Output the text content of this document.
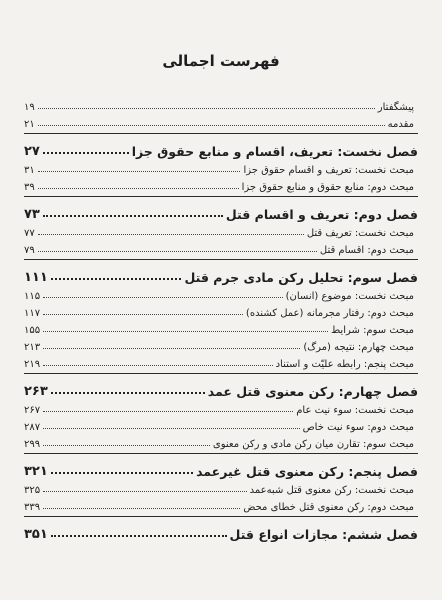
فهرست اجمالی
پیشگفتار
۱۹
مقدمه
۲۱
فصل نخست: تعریف، اقسام و منابع حقوق جزا
۲۷
مبحث نخست: تعریف و اقسام حقوق جزا
۳۱
مبحث دوم: منابع حقوق و منابع حقوق جزا
۳۹
فصل دوم: تعریف و اقسام قتل
۷۳
مبحث نخست: تعریف قتل
۷۷
مبحث دوم: اقسام قتل
۷۹
فصل سوم: تحلیل رکن مادی جرم قتل
۱۱۱
مبحث نخست: موضوع (انسان)
۱۱۵
مبحث دوم: رفتار مجرمانه (عمل کشنده)
۱۱۷
مبحث سوم: شرایط
۱۵۵
مبحث چهارم: نتیجه (مرگ)
۲۱۳
مبحث پنجم: رابطه علیّت و استناد
۲۱۹
فصل چهارم: رکن معنوی قتل عمد
۲۶۳
مبحث نخست: سوء نیت عام
۲۶۷
مبحث دوم: سوء نیت خاص
۲۸۷
مبحث سوم: تقارن میان رکن مادی و رکن معنوی
۲۹۹
فصل پنجم: رکن معنوی قتل غیرعمد
۳۲۱
مبحث نخست: رکن معنوی قتل شبه‌عمد
۳۲۵
مبحث دوم: رکن معنوی قتل خطای محض
۳۳۹
فصل ششم: مجازات انواع قتل
۳۵۱
